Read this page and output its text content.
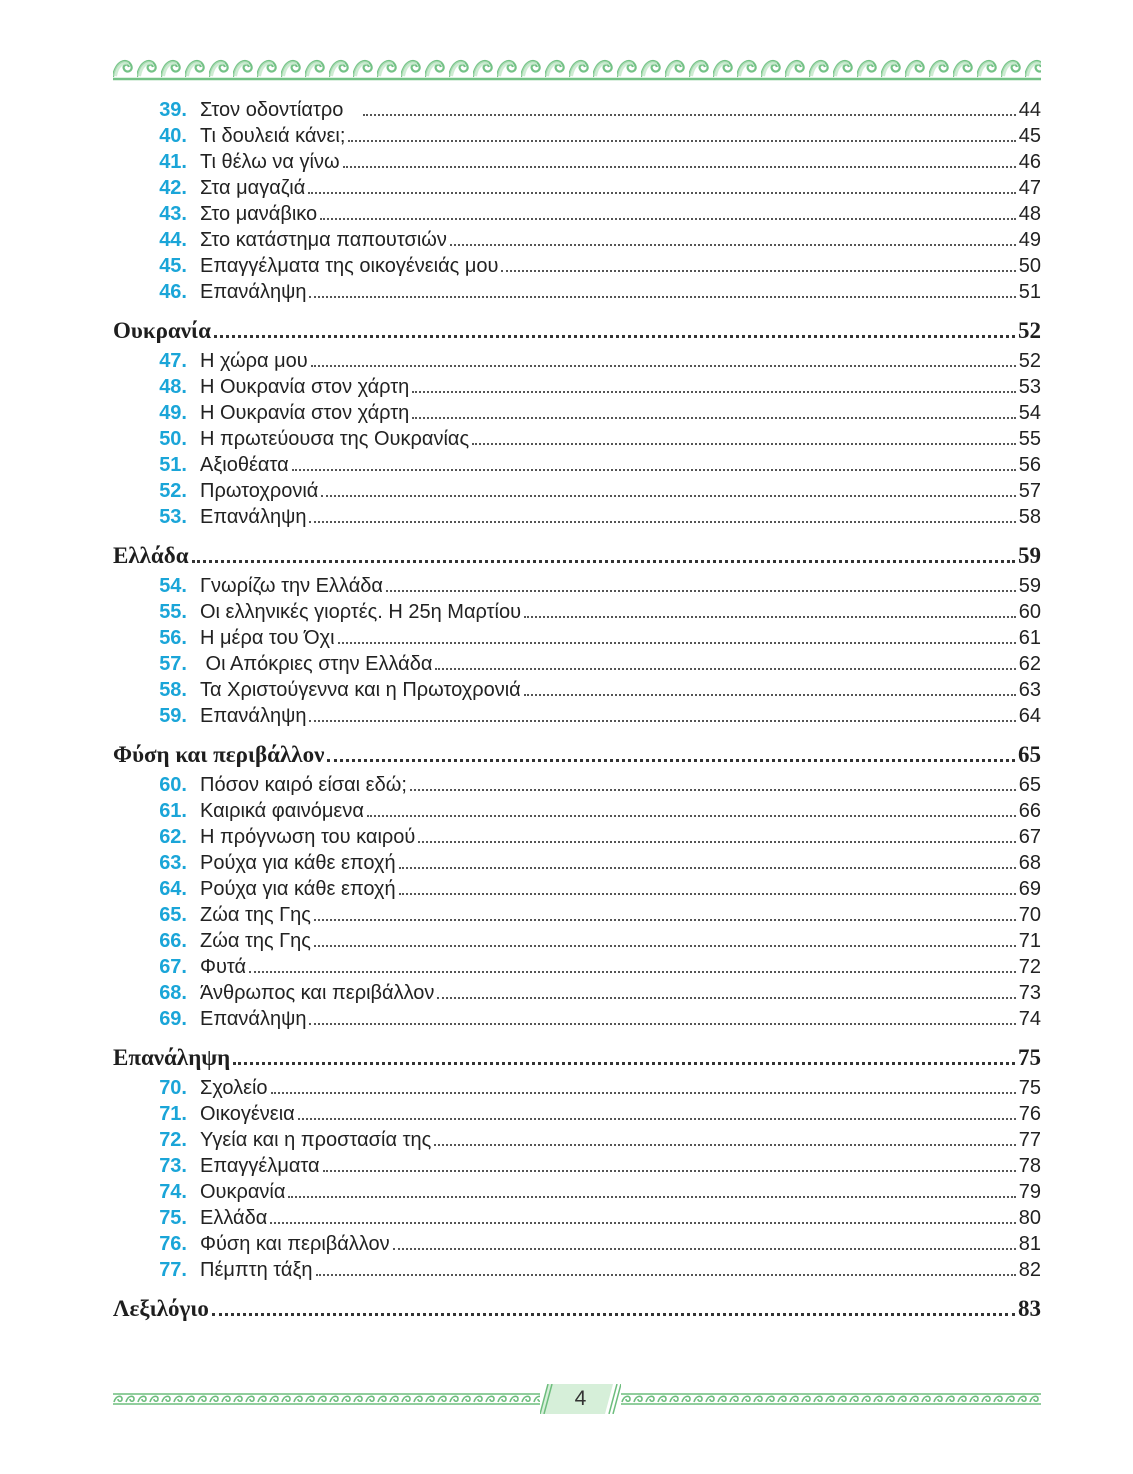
39. Στον οδοντίατρο	44
40. Τι δουλειά κάνει;	45
41. Τι θέλω να γίνω	46
42. Στα μαγαζιά	47
43. Στο μανάβικο	48
44. Στο κατάστημα παπουτσιών	49
45. Επαγγέλματα της οικογένειάς μου	50
46. Επανάληψη	51
Ουκρανία	52
47. Η χώρα μου	52
48. Η Ουκρανία στον χάρτη	53
49. Η Ουκρανία στον χάρτη	54
50. Η πρωτεύουσα της Ουκρανίας	55
51. Αξιοθέατα	56
52. Πρωτοχρονιά	57
53. Επανάληψη	58
Ελλάδα	59
54. Γνωρίζω την Ελλάδα	59
55. Οι ελληνικές γιορτές. Η 25η Μαρτίου	60
56. Η μέρα του Όχι	61
57. Οι Απόκριες στην Ελλάδα	62
58. Τα Χριστούγεννα και η Πρωτοχρονιά	63
59. Επανάληψη	64
Φύση και περιβάλλον	65
60. Πόσον καιρό είσαι εδώ;	65
61. Καιρικά φαινόμενα	66
62. Η πρόγνωση του καιρού	67
63. Ρούχα για κάθε εποχή	68
64. Ρούχα για κάθε εποχή	69
65. Ζώα της Γης	70
66. Ζώα της Γης	71
67. Φυτά	72
68. Άνθρωπος και περιβάλλον	73
69. Επανάληψη	74
Επανάληψη	75
70. Σχολείο	75
71. Οικογένεια	76
72. Υγεία και η προστασία της	77
73. Επαγγέλματα	78
74. Ουκρανία	79
75. Ελλάδα	80
76. Φύση και περιβάλλον	81
77. Πέμπτη τάξη	82
Λεξιλόγιο	83
4
